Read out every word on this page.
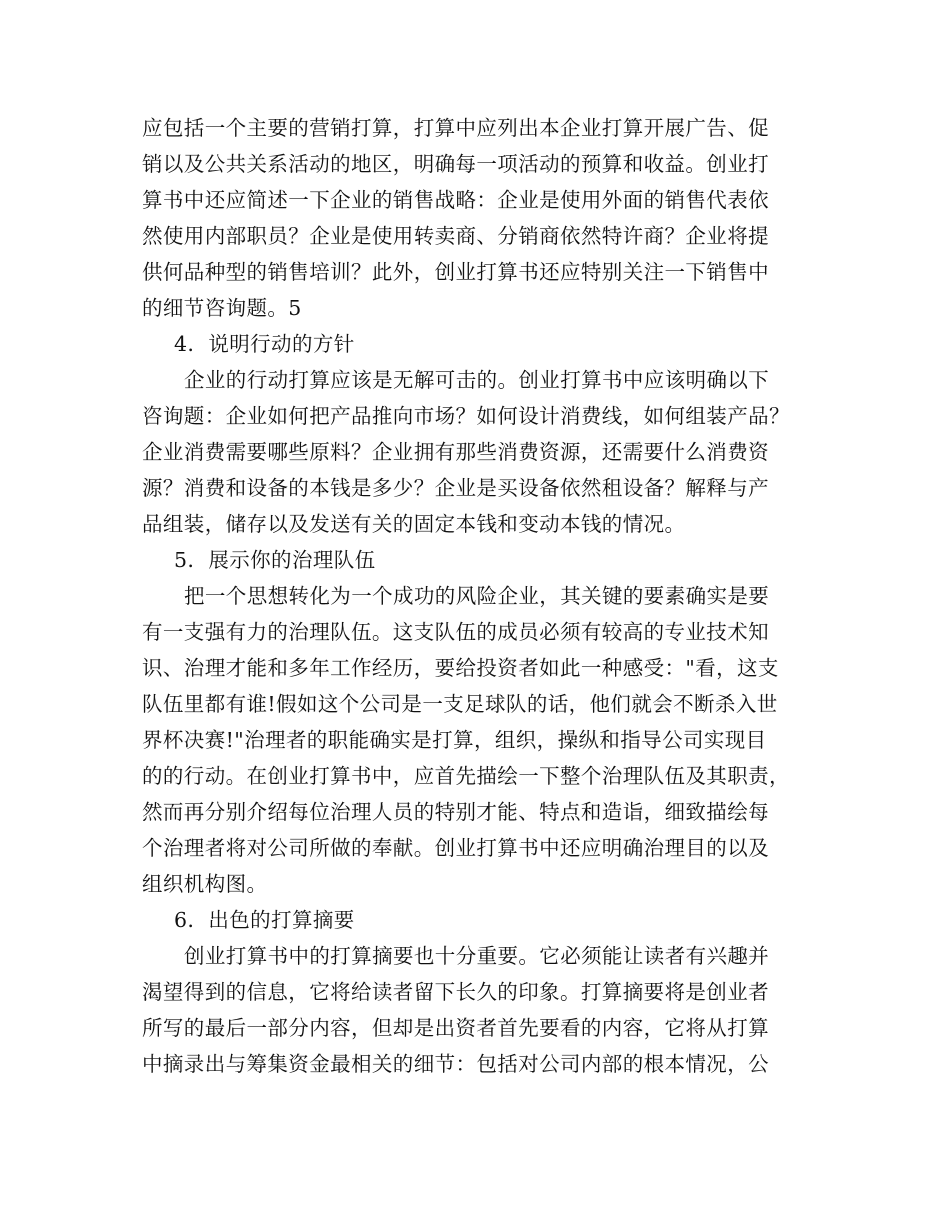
应包括一个主要的营销打算，打算中应列出本企业打算开展广告、促
销以及公共关系活动的地区，明确每一项活动的预算和收益。创业打
算书中还应简述一下企业的销售战略：企业是使用外面的销售代表依
然使用内部职员？企业是使用转卖商、分销商依然特许商？企业将提
供何品种型的销售培训？此外，创业打算书还应特别关注一下销售中
的细节咨询题。5
4．说明行动的方针
企业的行动打算应该是无解可击的。创业打算书中应该明确以下
咨询题：企业如何把产品推向市场？如何设计消费线，如何组装产品？
企业消费需要哪些原料？企业拥有那些消费资源，还需要什么消费资
源？消费和设备的本钱是多少？企业是买设备依然租设备？解释与产
品组装，储存以及发送有关的固定本钱和变动本钱的情况。
5．展示你的治理队伍
把一个思想转化为一个成功的风险企业，其关键的要素确实是要
有一支强有力的治理队伍。这支队伍的成员必须有较高的专业技术知
识、治理才能和多年工作经历，要给投资者如此一种感受："看，这支
队伍里都有谁!假如这个公司是一支足球队的话，他们就会不断杀入世
界杯决赛!"治理者的职能确实是打算，组织，操纵和指导公司实现目
的的行动。在创业打算书中，应首先描绘一下整个治理队伍及其职责，
然而再分别介绍每位治理人员的特别才能、特点和造诣，细致描绘每
个治理者将对公司所做的奉献。创业打算书中还应明确治理目的以及
组织机构图。
6．出色的打算摘要
创业打算书中的打算摘要也十分重要。它必须能让读者有兴趣并
渴望得到的信息，它将给读者留下长久的印象。打算摘要将是创业者
所写的最后一部分内容，但却是出资者首先要看的内容，它将从打算
中摘录出与筹集资金最相关的细节：包括对公司内部的根本情况，公
